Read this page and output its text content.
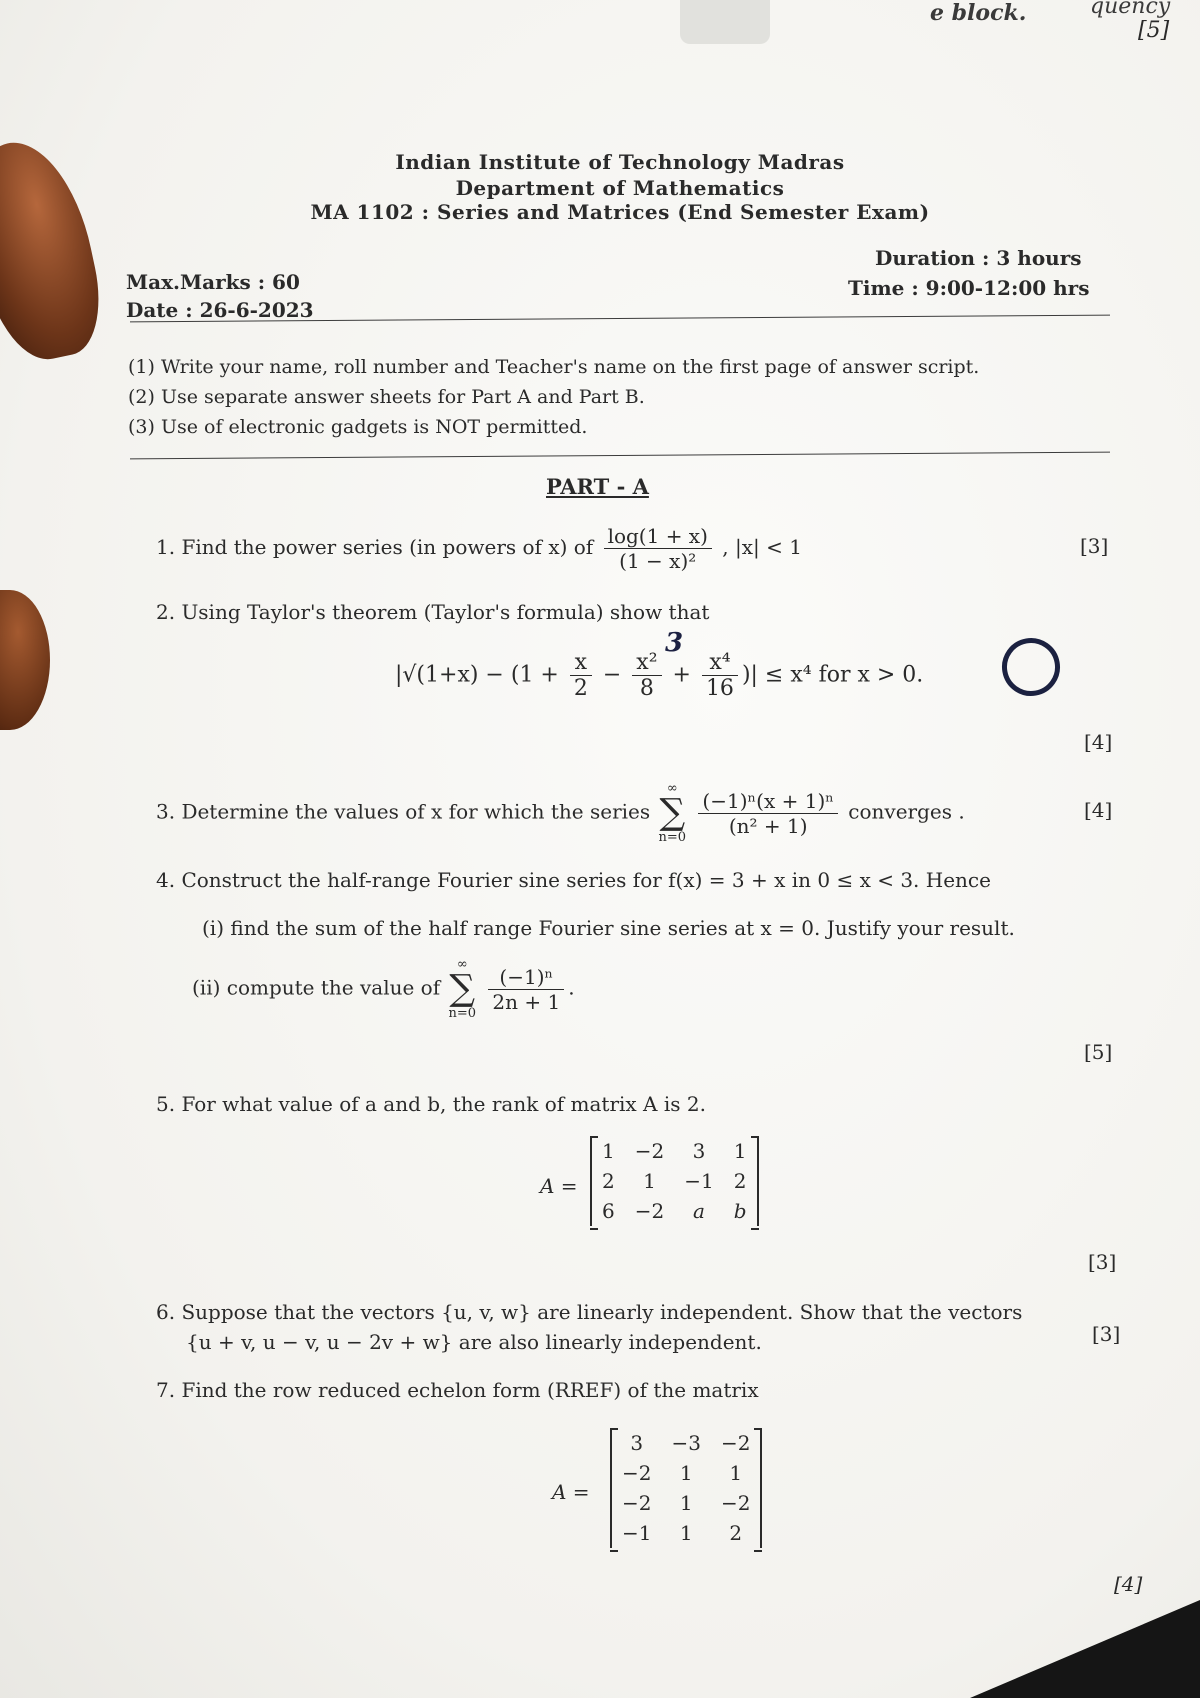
e block.	quency
[5]
Indian Institute of Technology Madras
Department of Mathematics
MA 1102 : Series and Matrices (End Semester Exam)
Max.Marks : 60
Date : 26-6-2023
Duration : 3 hours
Time : 9:00-12:00 hrs
(1) Write your name, roll number and Teacher's name on the first page of answer script.
(2) Use separate answer sheets for Part A and Part B.
(3) Use of electronic gadgets is NOT permitted.
PART - A
1. Find the power series (in powers of x) of $\frac{\log(1 + x)}{\text{(1 − x)²}}$ , |x| < 1	[3]
2. Using Taylor's theorem (Taylor's formula) show that
$|√(1+x) - (1 + \frac{x}{2} - \frac{\text{x²}}{8} + \frac{\text{x⁴}}{16}$ )| ≤ x⁴ for x > 0.
3
[4]
3. Determine the values of x for which the series
∞
∑
n=0
$\frac{\text{(−1)ⁿ(x + 1)ⁿ}}{\text{(n² + 1)}}$ converges .	[4]
4. Construct the half-range Fourier sine series for f(x) = 3 + x in 0 ≤ x < 3. Hence
(i) find the sum of the half range Fourier sine series at x = 0. Justify your result.
(ii) compute the value of
∞
∑
n=0
$\frac{\text{(−1)ⁿ}}{2n + 1}$ .
[5]
5. For what value of a and b, the rank of matrix A is 2.
A =
1	−2	3	1
2	1	−1	2
6	−2	a	b
[3]
6. Suppose that the vectors {u, v, w} are linearly independent. Show that the vectors
{u + v, u − v, u − 2v + w} are also linearly independent.	[3]
7. Find the row reduced echelon form (RREF) of the matrix
A =
3	−3	−2
−2	1	1
−2	1	−2
−1	1	2
[4]
